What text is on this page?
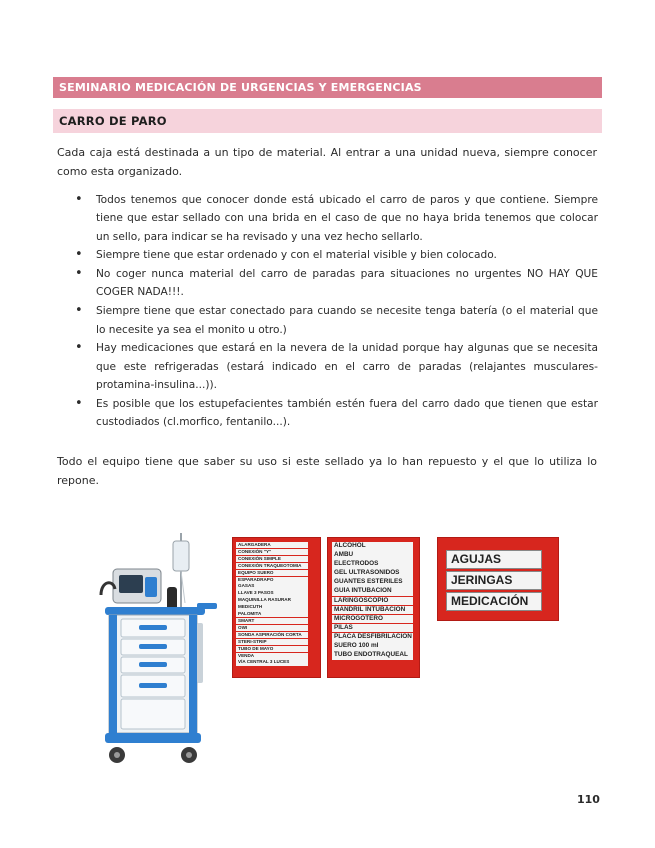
SEMINARIO MEDICACIÓN DE URGENCIAS Y EMERGENCIAS
CARRO DE PARO

Cada caja está destinada a un tipo de material. Al entrar a una unidad nueva, siempre conocer como esta organizado.

• Todos tenemos que conocer donde está ubicado el carro de paros y que contiene. Siempre tiene que estar sellado con una brida en el caso de que no haya brida tenemos que colocar un sello, para indicar se ha revisado y una vez hecho sellarlo.
• Siempre tiene que estar ordenado y con el material visible y bien colocado.
• No coger nunca material del carro de paradas para situaciones no urgentes NO HAY QUE COGER NADA!!!.
• Siempre tiene que estar conectado para cuando se necesite tenga batería (o el material que lo necesite ya sea el monito u otro.)
• Hay medicaciones que estará en la nevera de la unidad porque hay algunas que se necesita que este refrigeradas (estará indicado en el carro de paradas (relajantes musculares-protamina-insulina...)).
• Es posible que los estupefacientes también estén fuera del carro dado que tienen que estar custodiados (cl.morfico, fentanilo...).

Todo el equipo tiene que saber su uso si este sellado ya lo han repuesto y el que lo utiliza lo repone.

ALARGADERA
CONEXIÓN "Y"
CONEXIÓN SIMPLE
CONEXIÓN TRAQUEOTOMIA
EQUIPO SUERO
ESPARADRAPO
GASAS
LLAVE 3 PASOS
MAQUINILLA RASURAR
MEDICUTH
PALOMITA
SMART
OWI
SONDA ASPIRACIÓN CORTA
STERI-STRIP
TUBO DE MAYO
VENDA
VÍA CENTRAL 3 LUCES
ALCOHOL
AMBÚ
ELECTRODOS
GEL ULTRASONIDOS
GUANTES ESTÉRILES
GUÍA INTUBACIÓN
LARINGOSCOPIO
MANDRIL INTUBACIÓN
MICROGOTERO
PILAS
PLACA DESFIBRILACIÓN
SUERO 100 ml
TUBO ENDOTRAQUEAL
AGUJAS
JERINGAS
MEDICACIÓN
110
